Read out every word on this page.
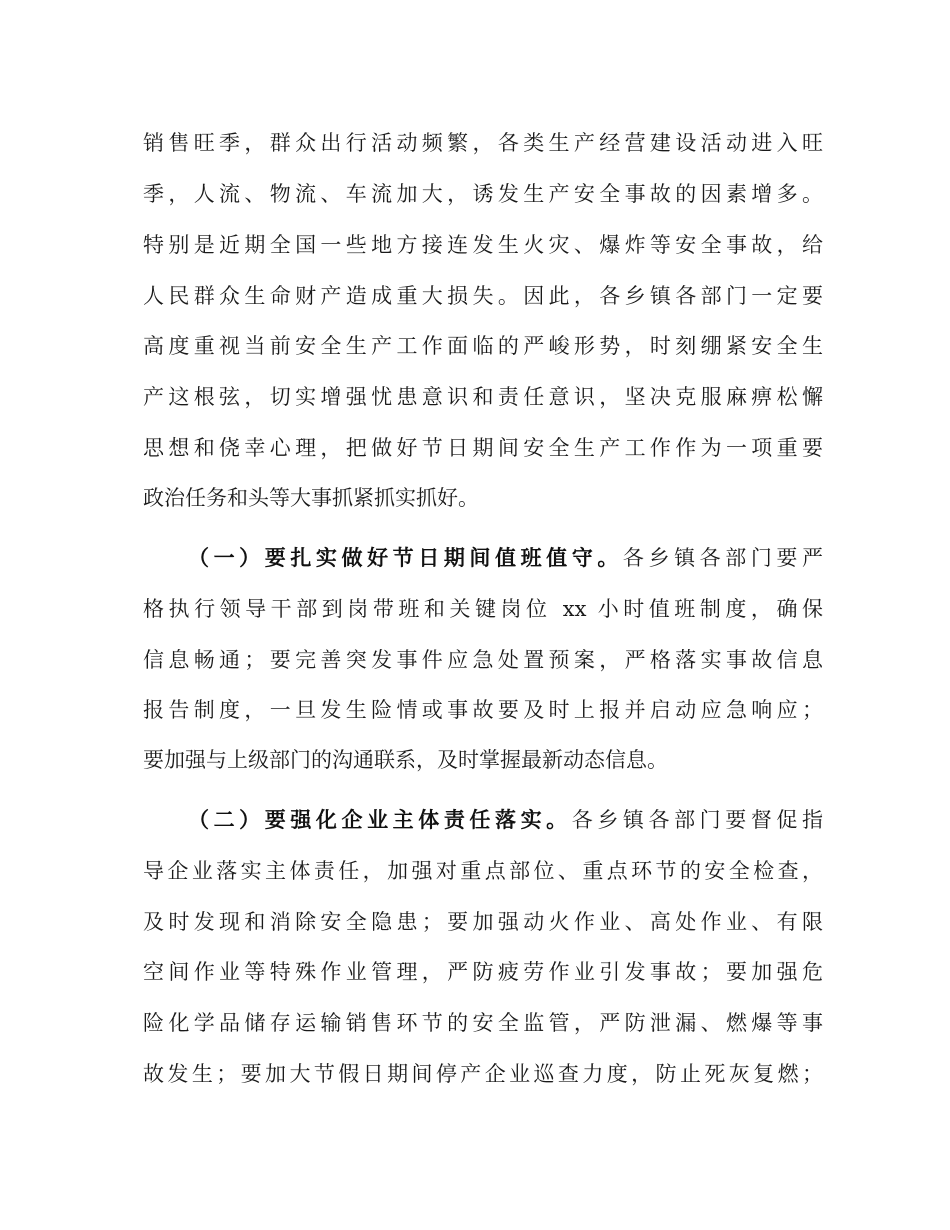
销售旺季，群众出行活动频繁，各类生产经营建设活动进入旺
季，人流、物流、车流加大，诱发生产安全事故的因素增多。
特别是近期全国一些地方接连发生火灾、爆炸等安全事故，给
人民群众生命财产造成重大损失。因此，各乡镇各部门一定要
高度重视当前安全生产工作面临的严峻形势，时刻绷紧安全生
产这根弦，切实增强忧患意识和责任意识，坚决克服麻痹松懈
思想和侥幸心理，把做好节日期间安全生产工作作为一项重要
政治任务和头等大事抓紧抓实抓好。
（一）要扎实做好节日期间值班值守。各乡镇各部门要严
格执行领导干部到岗带班和关键岗位 xx 小时值班制度，确保
信息畅通；要完善突发事件应急处置预案，严格落实事故信息
报告制度，一旦发生险情或事故要及时上报并启动应急响应；
要加强与上级部门的沟通联系，及时掌握最新动态信息。
（二）要强化企业主体责任落实。各乡镇各部门要督促指
导企业落实主体责任，加强对重点部位、重点环节的安全检查，
及时发现和消除安全隐患；要加强动火作业、高处作业、有限
空间作业等特殊作业管理，严防疲劳作业引发事故；要加强危
险化学品储存运输销售环节的安全监管，严防泄漏、燃爆等事
故发生；要加大节假日期间停产企业巡查力度，防止死灰复燃；
